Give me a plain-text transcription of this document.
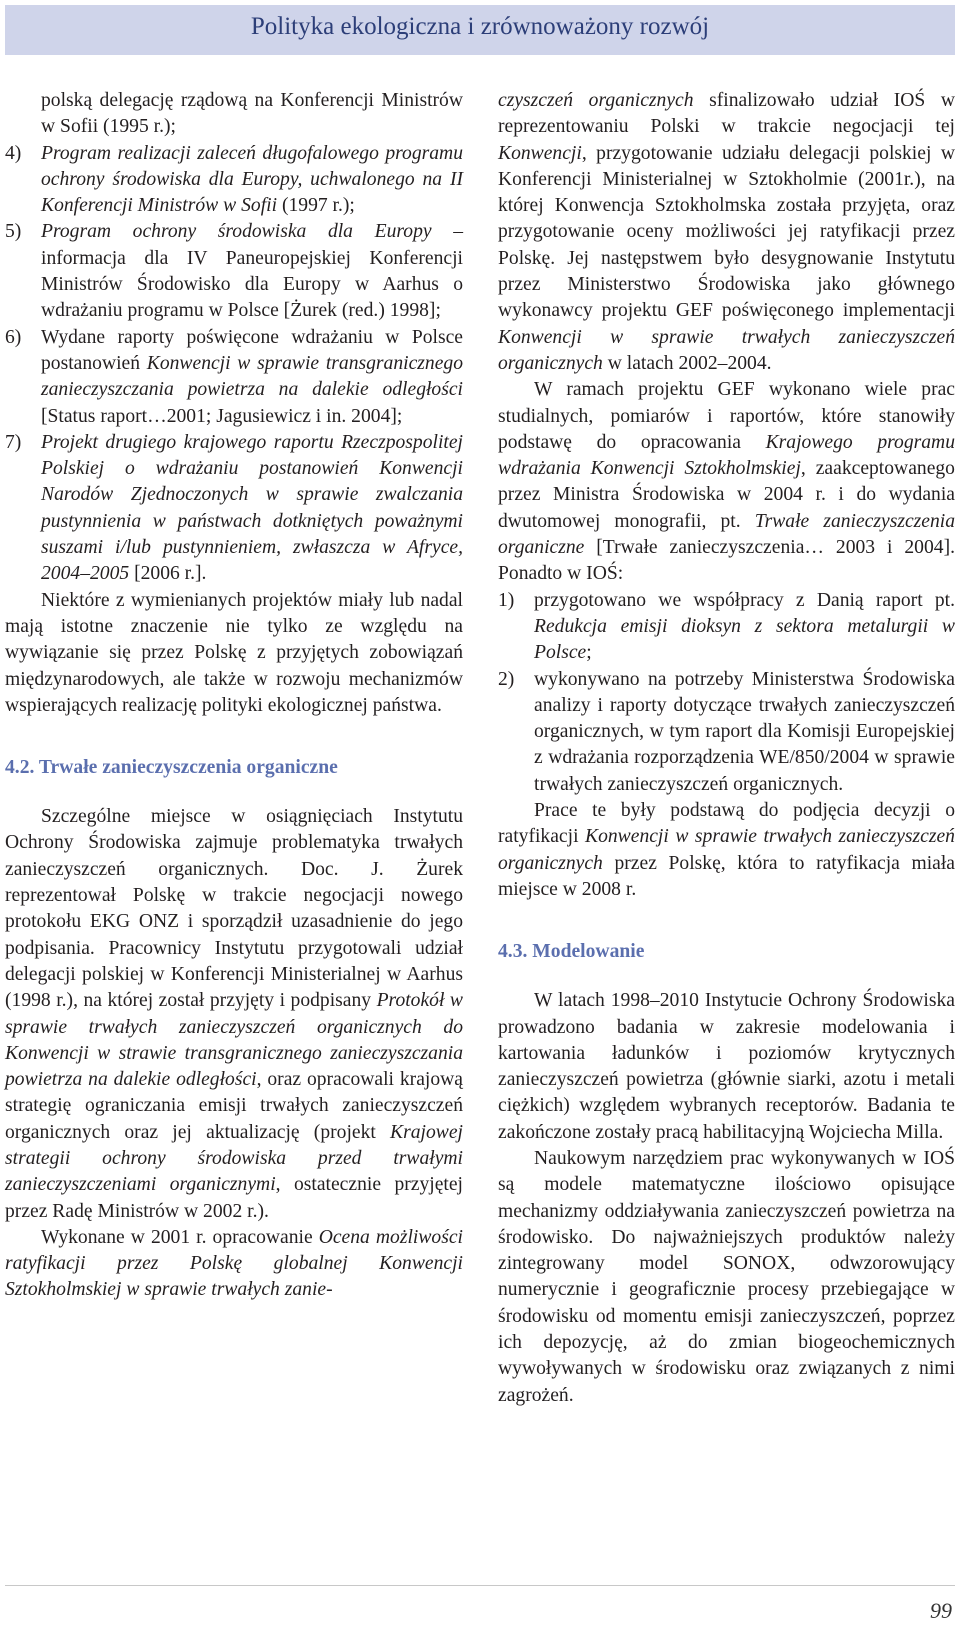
Polityka ekologiczna i zrównoważony rozwój

polską delegację rządową na Konferencji Ministrów w Sofii (1995 r.);

4) Program realizacji zaleceń długofalowego programu ochrony środowiska dla Europy, uchwalonego na II Konferencji Ministrów w Sofii (1997 r.);

5) Program ochrony środowiska dla Europy – informacja dla IV Paneuropejskiej Konferencji Ministrów Środowisko dla Europy w Aarhus o wdrażaniu programu w Polsce [Żurek (red.) 1998];

6) Wydane raporty poświęcone wdrażaniu w Polsce postanowień Konwencji w sprawie transgranicznego zanieczyszczania powietrza na dalekie odległości [Status raport…2001; Jagusiewicz i in. 2004];

7) Projekt drugiego krajowego raportu Rzeczpospolitej Polskiej o wdrażaniu postanowień Konwencji Narodów Zjednoczonych w sprawie zwalczania pustynnienia w państwach dotkniętych poważnymi suszami i/lub pustynnieniem, zwłaszcza w Afryce, 2004–2005 [2006 r.].

Niektóre z wymienianych projektów miały lub nadal mają istotne znaczenie nie tylko ze względu na wywiązanie się przez Polskę z przyjętych zobowiązań międzynarodowych, ale także w rozwoju mechanizmów wspierających realizację polityki ekologicznej państwa.

4.2. Trwałe zanieczyszczenia organiczne

Szczególne miejsce w osiągnięciach Instytutu Ochrony Środowiska zajmuje problematyka trwałych zanieczyszczeń organicznych. Doc. J. Żurek reprezentował Polskę w trakcie negocjacji nowego protokołu EKG ONZ i sporządził uzasadnienie do jego podpisania. Pracownicy Instytutu przygotowali udział delegacji polskiej w Konferencji Ministerialnej w Aarhus (1998 r.), na której został przyjęty i podpisany Protokół w sprawie trwałych zanieczyszczeń organicznych do Konwencji w strawie transgranicznego zanieczyszczania powietrza na dalekie odległości, oraz opracowali krajową strategię ograniczania emisji trwałych zanieczyszczeń organicznych oraz jej aktualizację (projekt Krajowej strategii ochrony środowiska przed trwałymi zanieczyszczeniami organicznymi, ostatecznie przyjętej przez Radę Ministrów w 2002 r.).

Wykonane w 2001 r. opracowanie Ocena możliwości ratyfikacji przez Polskę globalnej Konwencji Sztokholmskiej w sprawie trwałych zanie-

czyszczeń organicznych sfinalizowało udział IOŚ w reprezentowaniu Polski w trakcie negocjacji tej Konwencji, przygotowanie udziału delegacji polskiej w Konferencji Ministerialnej w Sztokholmie (2001r.), na której Konwencja Sztokholmska została przyjęta, oraz przygotowanie oceny możliwości jej ratyfikacji przez Polskę. Jej następstwem było desygnowanie Instytutu przez Ministerstwo Środowiska jako głównego wykonawcy projektu GEF poświęconego implementacji Konwencji w sprawie trwałych zanieczyszczeń organicznych w latach 2002–2004.

W ramach projektu GEF wykonano wiele prac studialnych, pomiarów i raportów, które stanowiły podstawę do opracowania Krajowego programu wdrażania Konwencji Sztokholmskiej, zaakceptowanego przez Ministra Środowiska w 2004 r. i do wydania dwutomowej monografii, pt. Trwałe zanieczyszczenia organiczne [Trwałe zanieczyszczenia… 2003 i 2004]. Ponadto w IOŚ:

1) przygotowano we współpracy z Danią raport pt. Redukcja emisji dioksyn z sektora metalurgii w Polsce;

2) wykonywano na potrzeby Ministerstwa Środowiska analizy i raporty dotyczące trwałych zanieczyszczeń organicznych, w tym raport dla Komisji Europejskiej z wdrażania rozporządzenia WE/850/2004 w sprawie trwałych zanieczyszczeń organicznych.

Prace te były podstawą do podjęcia decyzji o ratyfikacji Konwencji w sprawie trwałych zanieczyszczeń organicznych przez Polskę, która to ratyfikacja miała miejsce w 2008 r.

4.3. Modelowanie

W latach 1998–2010 Instytucie Ochrony Środowiska prowadzono badania w zakresie modelowania i kartowania ładunków i poziomów krytycznych zanieczyszczeń powietrza (głównie siarki, azotu i metali ciężkich) względem wybranych receptorów. Badania te zakończone zostały pracą habilitacyjną Wojciecha Milla.

Naukowym narzędziem prac wykonywanych w IOŚ są modele matematyczne ilościowo opisujące mechanizmy oddziaływania zanieczyszczeń powietrza na środowisko. Do najważniejszych produktów należy zintegrowany model SONOX, odwzorowujący numerycznie i geograficznie procesy przebiegające w środowisku od momentu emisji zanieczyszczeń, poprzez ich depozycję, aż do zmian biogeochemicznych wywoływanych w środowisku oraz związanych z nimi zagrożeń.

99
